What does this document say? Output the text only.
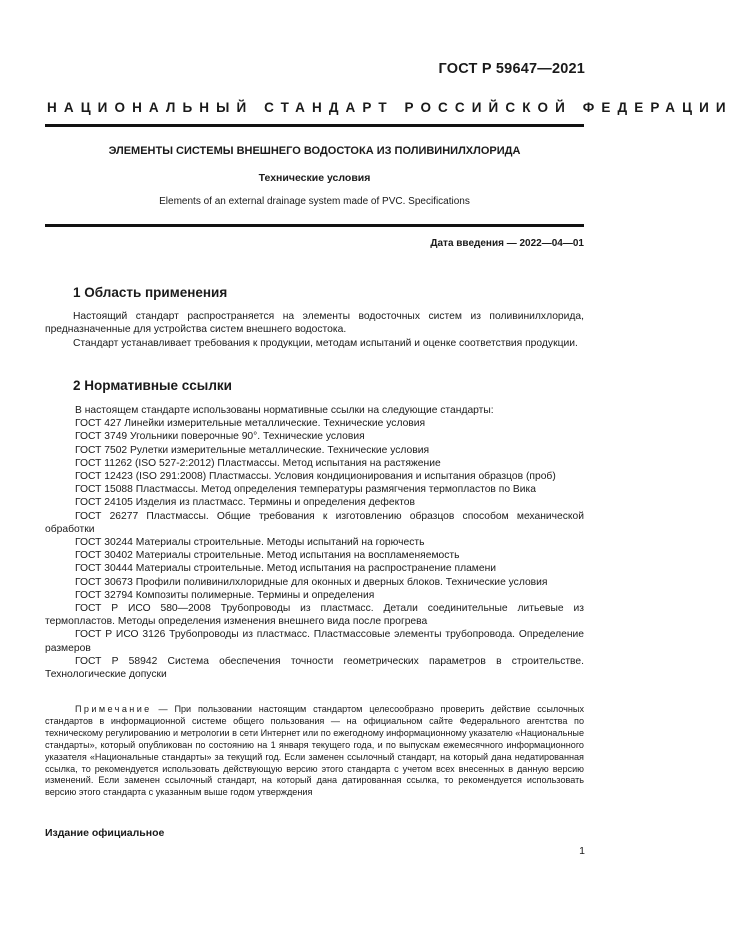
ГОСТ Р 59647—2021
НАЦИОНАЛЬНЫЙ СТАНДАРТ РОССИЙСКОЙ ФЕДЕРАЦИИ
ЭЛЕМЕНТЫ СИСТЕМЫ ВНЕШНЕГО ВОДОСТОКА ИЗ ПОЛИВИНИЛХЛОРИДА
Технические условия
Elements of an external drainage system made of PVC. Specifications
Дата введения — 2022—04—01
1 Область применения
Настоящий стандарт распространяется на элементы водосточных систем из поливинилхлорида, предназначенные для устройства систем внешнего водостока.
Стандарт устанавливает требования к продукции, методам испытаний и оценке соответствия продукции.
2 Нормативные ссылки
В настоящем стандарте использованы нормативные ссылки на следующие стандарты:
ГОСТ 427 Линейки измерительные металлические. Технические условия
ГОСТ 3749 Угольники поверочные 90°. Технические условия
ГОСТ 7502 Рулетки измерительные металлические. Технические условия
ГОСТ 11262 (ISO 527-2:2012) Пластмассы. Метод испытания на растяжение
ГОСТ 12423 (ISO 291:2008) Пластмассы. Условия кондиционирования и испытания образцов (проб)
ГОСТ 15088 Пластмассы. Метод определения температуры размягчения термопластов по Вика
ГОСТ 24105 Изделия из пластмасс. Термины и определения дефектов
ГОСТ 26277 Пластмассы. Общие требования к изготовлению образцов способом механической обработки
ГОСТ 30244 Материалы строительные. Методы испытаний на горючесть
ГОСТ 30402 Материалы строительные. Метод испытания на воспламеняемость
ГОСТ 30444 Материалы строительные. Метод испытания на распространение пламени
ГОСТ 30673 Профили поливинилхлоридные для оконных и дверных блоков. Технические условия
ГОСТ 32794 Композиты полимерные. Термины и определения
ГОСТ Р ИСО 580—2008 Трубопроводы из пластмасс. Детали соединительные литьевые из термопластов. Методы определения изменения внешнего вида после прогрева
ГОСТ Р ИСО 3126 Трубопроводы из пластмасс. Пластмассовые элементы трубопровода. Определение размеров
ГОСТ Р 58942 Система обеспечения точности геометрических параметров в строительстве. Технологические допуски
Примечание — При пользовании настоящим стандартом целесообразно проверить действие ссылочных стандартов в информационной системе общего пользования — на официальном сайте Федерального агентства по техническому регулированию и метрологии в сети Интернет или по ежегодному информационному указателю «Национальные стандарты», который опубликован по состоянию на 1 января текущего года, и по выпускам ежемесячного информационного указателя «Национальные стандарты» за текущий год. Если заменен ссылочный стандарт, на который дана недатированная ссылка, то рекомендуется использовать действующую версию этого стандарта с учетом всех внесенных в данную версию изменений. Если заменен ссылочный стандарт, на который дана датированная ссылка, то рекомендуется использовать версию этого стандарта с указанным выше годом утверждения
Издание официальное
1
